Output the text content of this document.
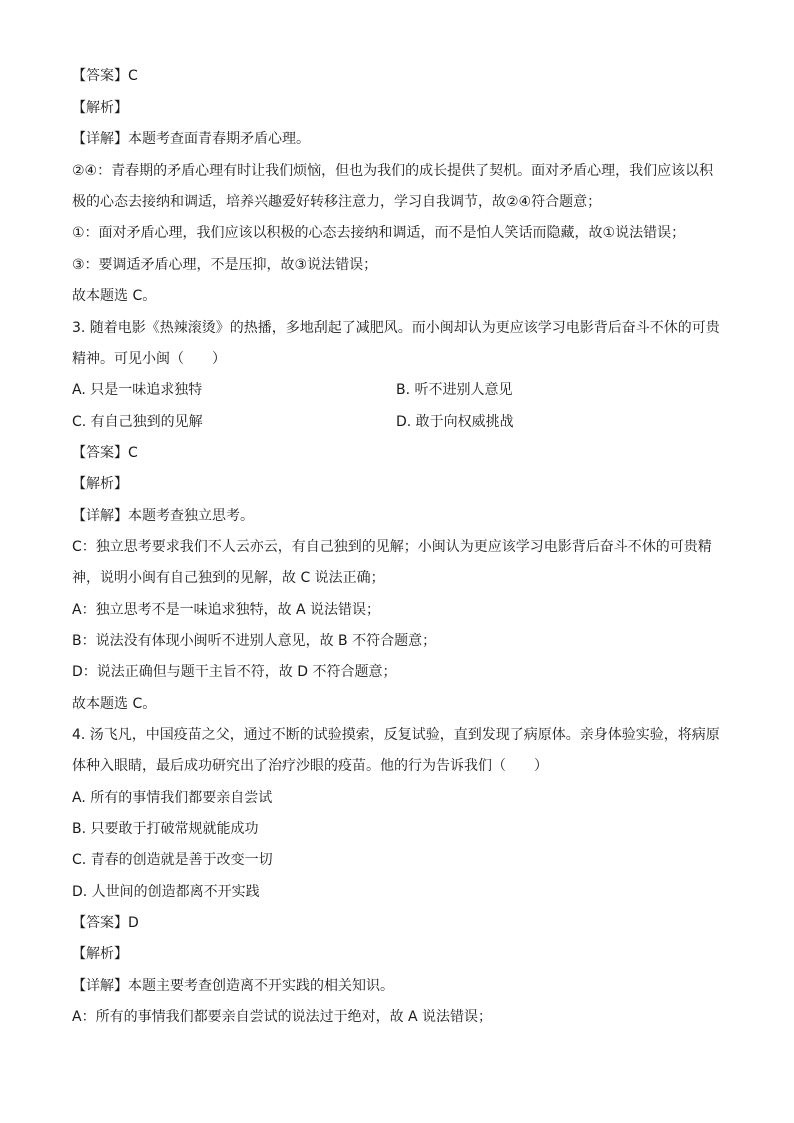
【答案】C
【解析】
【详解】本题考查面青春期矛盾心理。
②④：青春期的矛盾心理有时让我们烦恼，但也为我们的成长提供了契机。面对矛盾心理，我们应该以积
极的心态去接纳和调适，培养兴趣爱好转移注意力，学习自我调节，故②④符合题意；
①：面对矛盾心理，我们应该以积极的心态去接纳和调适，而不是怕人笑话而隐藏，故①说法错误；
③：要调适矛盾心理，不是压抑，故③说法错误；
故本题选 C。
3. 随着电影《热辣滚烫》的热播，多地刮起了减肥风。而小闽却认为更应该学习电影背后奋斗不休的可贵
精神。可见小闽（　　）
A. 只是一味追求独特	B. 听不进别人意见
C. 有自己独到的见解	D. 敢于向权威挑战
【答案】C
【解析】
【详解】本题考查独立思考。
C：独立思考要求我们不人云亦云，有自己独到的见解；小闽认为更应该学习电影背后奋斗不休的可贵精
神，说明小闽有自己独到的见解，故 C 说法正确；
A：独立思考不是一味追求独特，故 A 说法错误；
B：说法没有体现小闽听不进别人意见，故 B 不符合题意；
D：说法正确但与题干主旨不符，故 D 不符合题意；
故本题选 C。
4. 汤飞凡，中国疫苗之父，通过不断的试验摸索，反复试验，直到发现了病原体。亲身体验实验，将病原
体种入眼睛，最后成功研究出了治疗沙眼的疫苗。他的行为告诉我们（　　）
A. 所有的事情我们都要亲自尝试
B. 只要敢于打破常规就能成功
C. 青春的创造就是善于改变一切
D. 人世间的创造都离不开实践
【答案】D
【解析】
【详解】本题主要考查创造离不开实践的相关知识。
A：所有的事情我们都要亲自尝试的说法过于绝对，故 A 说法错误；
